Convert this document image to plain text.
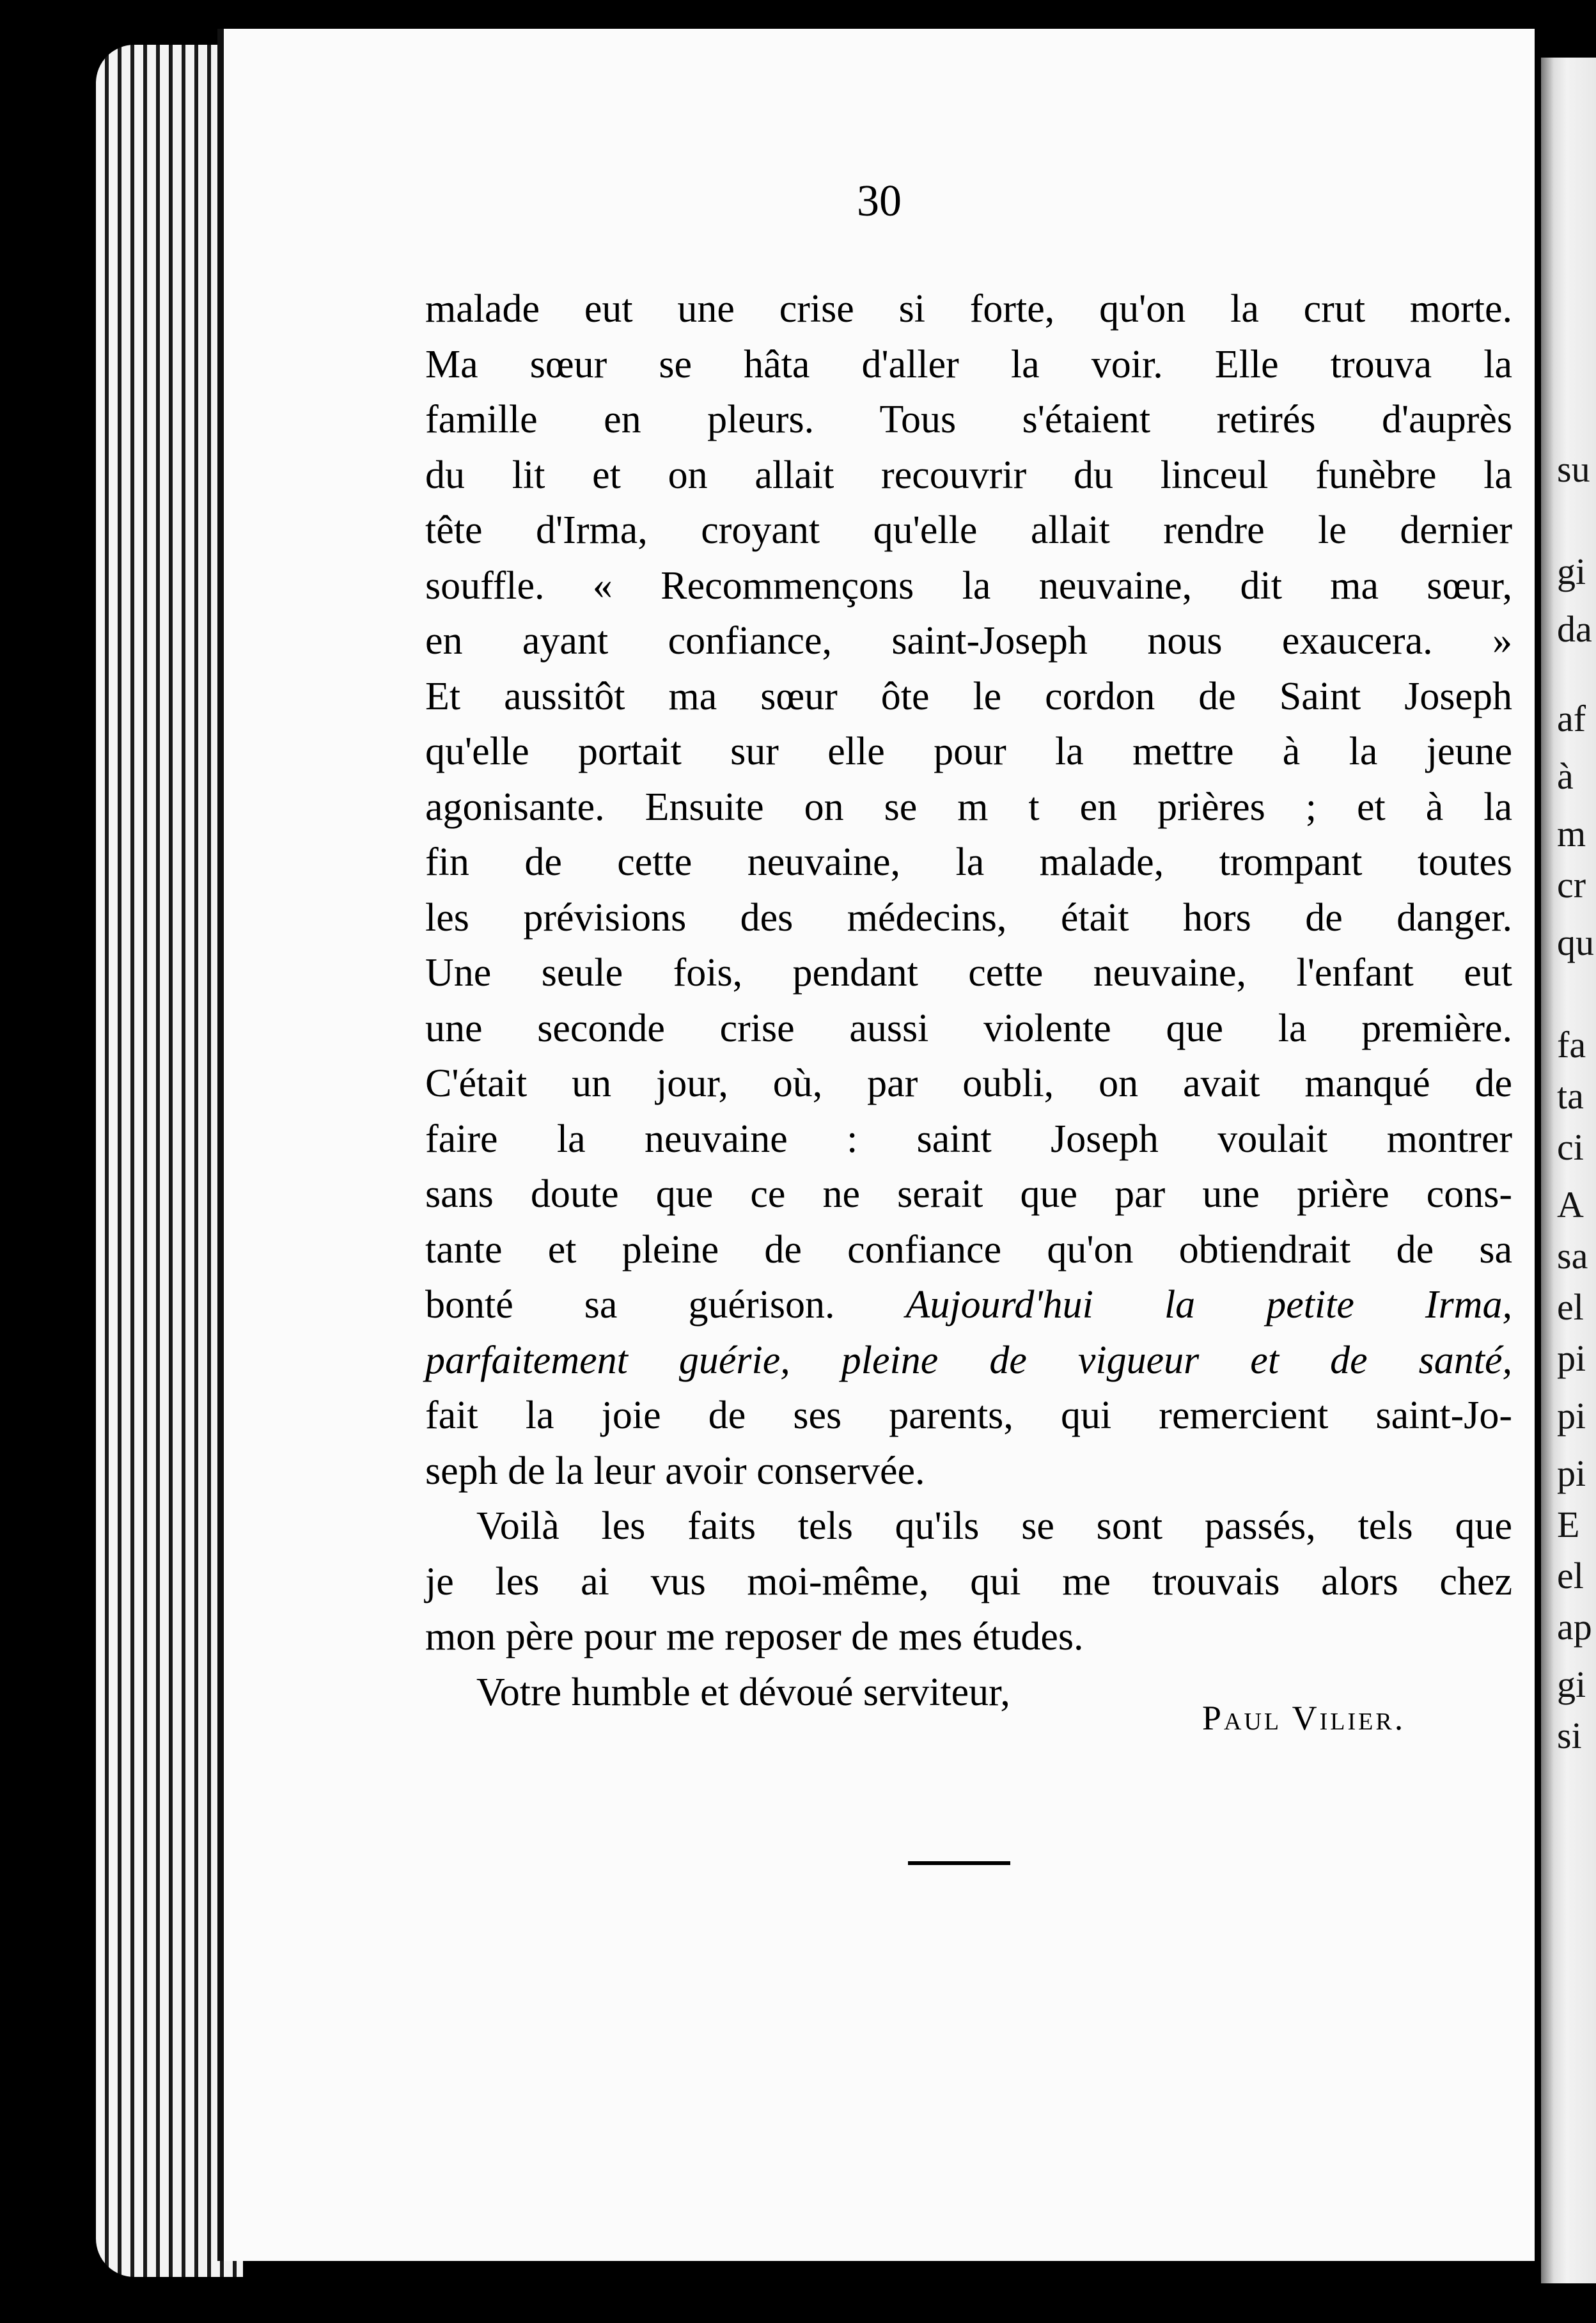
30
malade eut une crise si forte, qu'on la crut morte.
Ma sœur se hâta d'aller la voir. Elle trouva la
famille en pleurs. Tous s'étaient retirés d'auprès
du lit et on allait recouvrir du linceul funèbre la
tête d'Irma, croyant qu'elle allait rendre le dernier
souffle. « Recommençons la neuvaine, dit ma sœur,
en ayant confiance, saint-Joseph nous exaucera. »
Et aussitôt ma sœur ôte le cordon de Saint Joseph
qu'elle portait sur elle pour la mettre à la jeune
agonisante. Ensuite on se m t en prières ; et à la
fin de cette neuvaine, la malade, trompant toutes
les prévisions des médecins, était hors de danger.
Une seule fois, pendant cette neuvaine, l'enfant eut
une seconde crise aussi violente que la première.
C'était un jour, où, par oubli, on avait manqué de
faire la neuvaine : saint Joseph voulait montrer
sans doute que ce ne serait que par une prière cons-
tante et pleine de confiance qu'on obtiendrait de sa
bonté sa guérison. Aujourd'hui la petite Irma,
parfaitement guérie, pleine de vigueur et de santé,
fait la joie de ses parents, qui remercient saint-Jo-
seph de la leur avoir conservée.
Voilà les faits tels qu'ils se sont passés, tels que
je les ai vus moi-même, qui me trouvais alors chez
mon père pour me reposer de mes études.
Votre humble et dévoué serviteur,
Paul Vilier.
su
gi
da
af
à
m
cr
qu
fa
ta
ci
A
sa
el
pi
pi
pi
E
el
ap
gi
si
